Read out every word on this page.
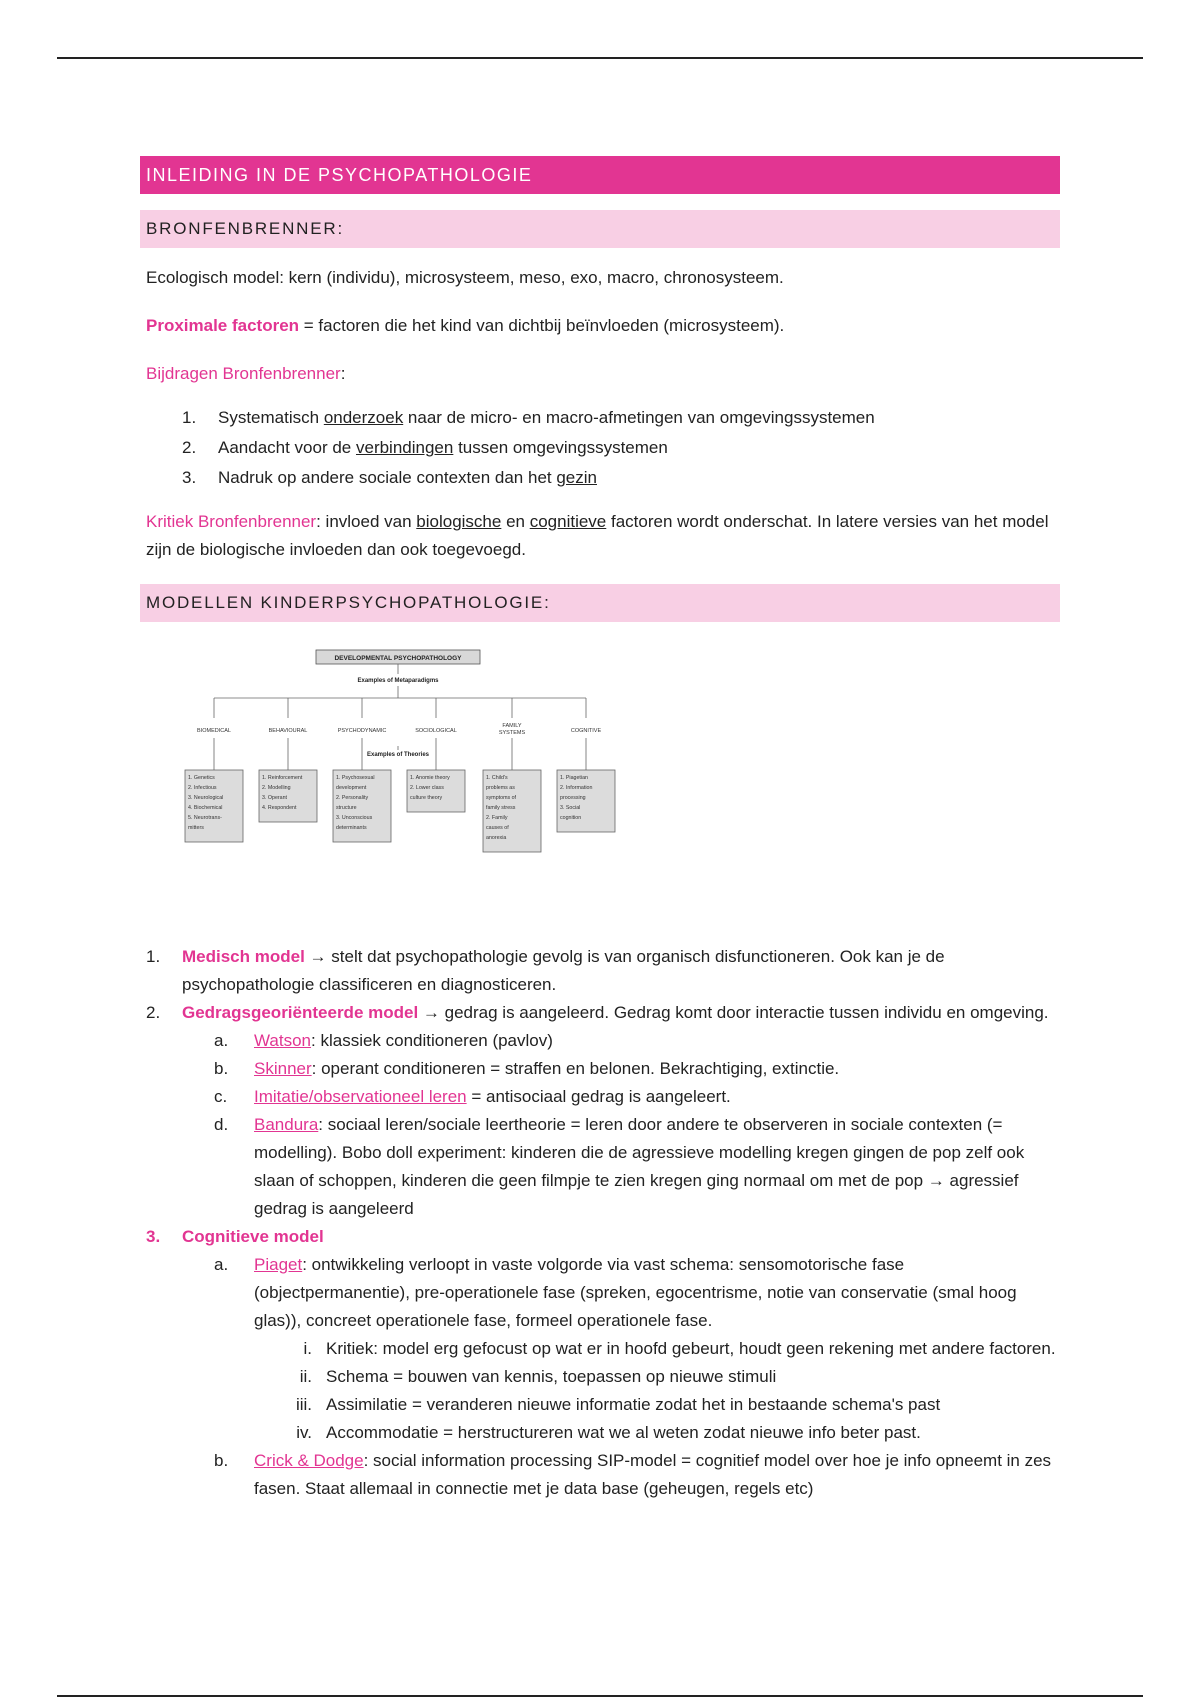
INLEIDING IN DE PSYCHOPATHOLOGIE
BRONFENBRENNER:
Ecologisch model: kern (individu), microsysteem, meso, exo, macro, chronosysteem.
Proximale factoren = factoren die het kind van dichtbij beïnvloeden (microsysteem).
Bijdragen Bronfenbrenner:
1. Systematisch onderzoek naar de micro- en macro-afmetingen van omgevingssystemen
2. Aandacht voor de verbindingen tussen omgevingssystemen
3. Nadruk op andere sociale contexten dan het gezin
Kritiek Bronfenbrenner: invloed van biologische en cognitieve factoren wordt onderschat. In latere versies van het model zijn de biologische invloeden dan ook toegevoegd.
MODELLEN KINDERPSYCHOPATHOLOGIE:
DEVELOPMENTAL PSYCHOPATHOLOGY
Examples of Metaparadigms
BIOMEDICAL
1. Genetics
2. Infectious
3. Neurological
4. Biochemical
5. Neurotrans-
mitters
BEHAVIOURAL
1. Reinforcement
2. Modelling
3. Operant
4. Respondent
PSYCHODYNAMIC
1. Psychosexual
development
2. Personality
structure
3. Unconscious
determinants
SOCIOLOGICAL
1. Anomie theory
2. Lower class
culture theory
FAMILY
SYSTEMS
1. Child's
problems as
symptoms of
family stress
2. Family
causes of
anorexia
COGNITIVE
1. Piagetian
2. Information
processing
3. Social
cognition
Examples of Theories
1. Medisch model → stelt dat psychopathologie gevolg is van organisch disfunctioneren. Ook kan je de psychopathologie classificeren en diagnosticeren.
2. Gedragsgeoriënteerde model → gedrag is aangeleerd. Gedrag komt door interactie tussen individu en omgeving.
a. Watson: klassiek conditioneren (pavlov)
b. Skinner: operant conditioneren = straffen en belonen. Bekrachtiging, extinctie.
c. Imitatie/observationeel leren = antisociaal gedrag is aangeleert.
d. Bandura: sociaal leren/sociale leertheorie = leren door andere te observeren in sociale contexten (= modelling). Bobo doll experiment: kinderen die de agressieve modelling kregen gingen de pop zelf ook slaan of schoppen, kinderen die geen filmpje te zien kregen ging normaal om met de pop → agressief gedrag is aangeleerd
3. Cognitieve model
a. Piaget: ontwikkeling verloopt in vaste volgorde via vast schema: sensomotorische fase (objectpermanentie), pre-operationele fase (spreken, egocentrisme, notie van conservatie (smal hoog glas)), concreet operationele fase, formeel operationele fase.
i. Kritiek: model erg gefocust op wat er in hoofd gebeurt, houdt geen rekening met andere factoren.
ii. Schema = bouwen van kennis, toepassen op nieuwe stimuli
iii. Assimilatie = veranderen nieuwe informatie zodat het in bestaande schema's past
iv. Accommodatie = herstructureren wat we al weten zodat nieuwe info beter past.
b. Crick & Dodge: social information processing SIP-model = cognitief model over hoe je info opneemt in zes fasen. Staat allemaal in connectie met je data base (geheugen, regels etc)
